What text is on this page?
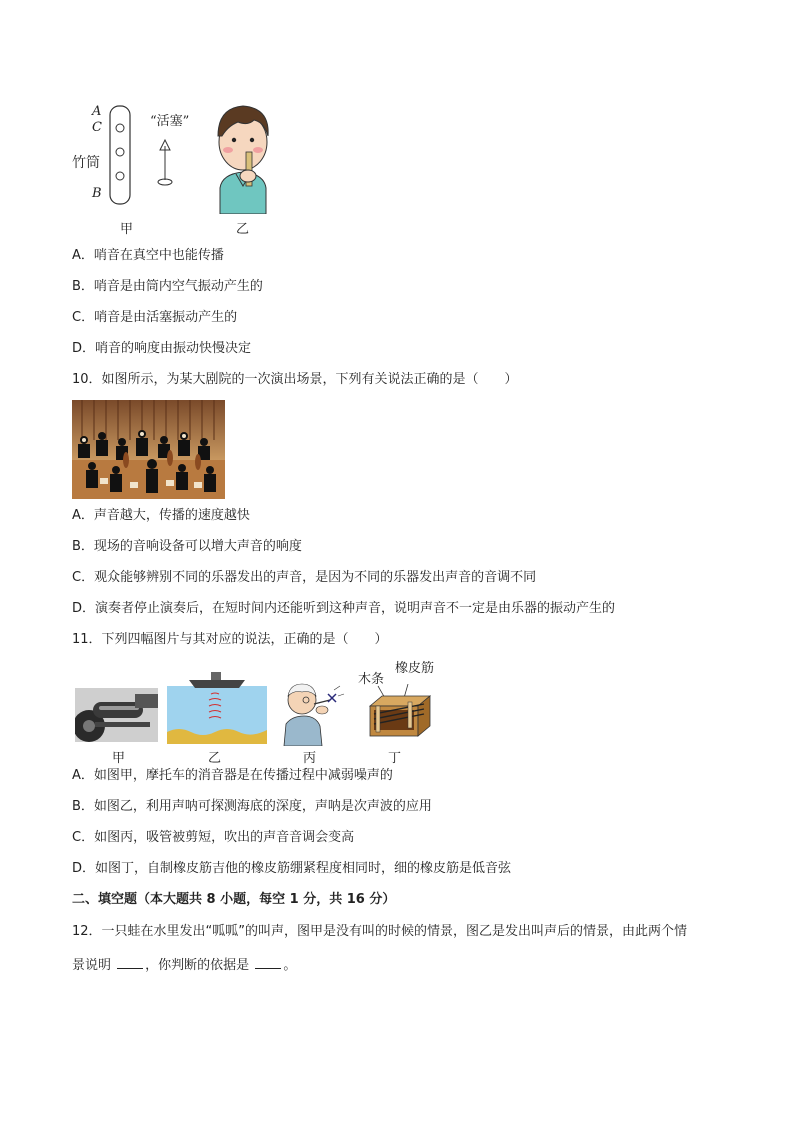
A
C
竹筒
B
“活塞”
甲	乙
A．哨音在真空中也能传播
B．哨音是由筒内空气振动产生的
C．哨音是由活塞振动产生的
D．哨音的响度由振动快慢决定
10．如图所示，为某大剧院的一次演出场景，下列有关说法正确的是（　　）
A．声音越大，传播的速度越快
B．现场的音响设备可以增大声音的响度
C．观众能够辨别不同的乐器发出的声音，是因为不同的乐器发出声音的音调不同
D．演奏者停止演奏后，在短时间内还能听到这种声音，说明声音不一定是由乐器的振动产生的
11．下列四幅图片与其对应的说法，正确的是（　　）
甲	乙	丙
橡皮筋
木条
丁
A．如图甲，摩托车的消音器是在传播过程中减弱噪声的
B．如图乙，利用声呐可探测海底的深度，声呐是次声波的应用
C．如图丙，吸管被剪短，吹出的声音音调会变高
D．如图丁，自制橡皮筋吉他的橡皮筋绷紧程度相同时，细的橡皮筋是低音弦
二、填空题（本大题共 8 小题，每空 1 分，共 16 分）
12．一只蛙在水里发出“呱呱”的叫声，图甲是没有叫的时候的情景，图乙是发出叫声后的情景，由此两个情
景说明	，你判断的依据是	。
